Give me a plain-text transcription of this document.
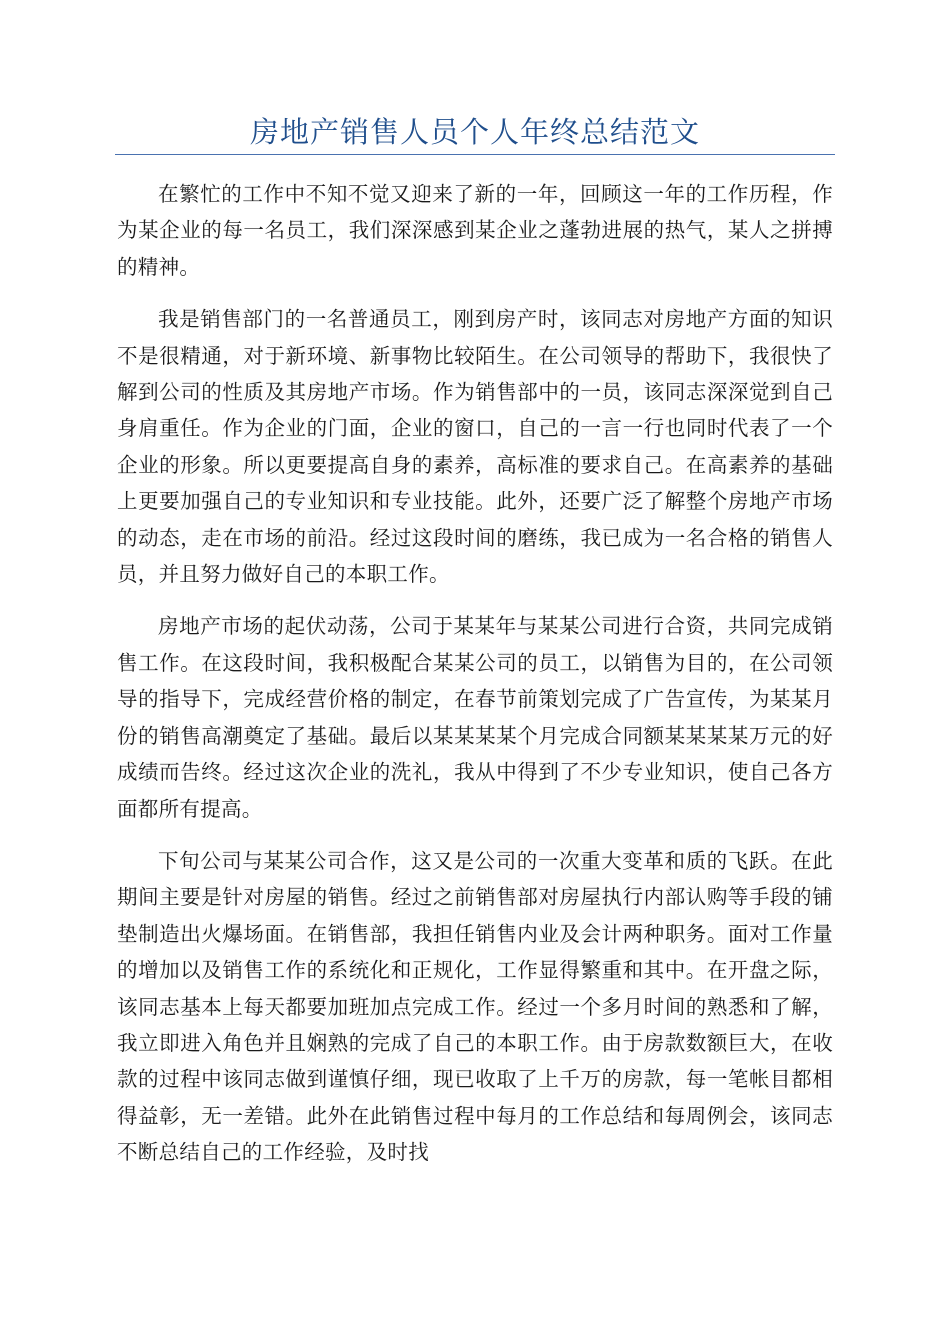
房地产销售人员个人年终总结范文

在繁忙的工作中不知不觉又迎来了新的一年，回顾这一年的工作历程，作为某企业的每一名员工，我们深深感到某企业之蓬勃进展的热气，某人之拼搏的精神。

我是销售部门的一名普通员工，刚到房产时，该同志对房地产方面的知识不是很精通，对于新环境、新事物比较陌生。在公司领导的帮助下，我很快了解到公司的性质及其房地产市场。作为销售部中的一员，该同志深深觉到自己身肩重任。作为企业的门面，企业的窗口，自己的一言一行也同时代表了一个企业的形象。所以更要提高自身的素养，高标准的要求自己。在高素养的基础上更要加强自己的专业知识和专业技能。此外，还要广泛了解整个房地产市场的动态，走在市场的前沿。经过这段时间的磨练，我已成为一名合格的销售人员，并且努力做好自己的本职工作。

房地产市场的起伏动荡，公司于某某年与某某公司进行合资，共同完成销售工作。在这段时间，我积极配合某某公司的员工，以销售为目的，在公司领导的指导下，完成经营价格的制定，在春节前策划完成了广告宣传，为某某月份的销售高潮奠定了基础。最后以某某某某个月完成合同额某某某某万元的好成绩而告终。经过这次企业的洗礼，我从中得到了不少专业知识，使自己各方面都所有提高。

下旬公司与某某公司合作，这又是公司的一次重大变革和质的飞跃。在此期间主要是针对房屋的销售。经过之前销售部对房屋执行内部认购等手段的铺垫制造出火爆场面。在销售部，我担任销售内业及会计两种职务。面对工作量的增加以及销售工作的系统化和正规化，工作显得繁重和其中。在开盘之际，该同志基本上每天都要加班加点完成工作。经过一个多月时间的熟悉和了解，我立即进入角色并且娴熟的完成了自己的本职工作。由于房款数额巨大，在收款的过程中该同志做到谨慎仔细，现已收取了上千万的房款，每一笔帐目都相得益彰，无一差错。此外在此销售过程中每月的工作总结和每周例会，该同志不断总结自己的工作经验，及时找
